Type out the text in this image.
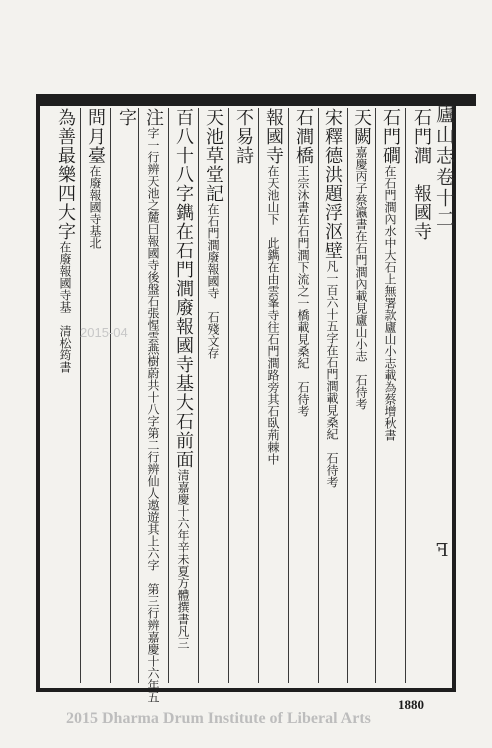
廬山志卷十二
石門澗　報國寺
石門磵在石門澗內水中大石上無署款廬山小志載為蔡增秋書
天闕嘉慶丙子蔡瀛書在石門澗內載見廬山小志　石待考
宋釋德洪題浮沤壁凡一百六十五字在石門澗載見桑紀　石待考
石澗橋王宗沐書在石門澗下流之一橋載見桑紀　石待考
報國寺在天池山下　此鐫在由雲峯寺往石門澗路旁其石臥荊棘中
不易詩
天池草堂記在石門澗廢報國寺　石殘文存
百八十八字鐫在石門澗廢報國寺基大石前面清嘉慶十六年辛未夏方體撰書凡三
注字一行辨天池之麓曰報國寺後盤石張惺雲燕樹蔚共十八字第二行辨仙人遨遊其上六字　第三行辨嘉慶十六年五
字
問月臺在廢報國寺基北
為善最樂四大字在廢報國寺基　清松筠書
ꟻ
1880
2015-04
2015 Dharma Drum Institute of Liberal Arts
